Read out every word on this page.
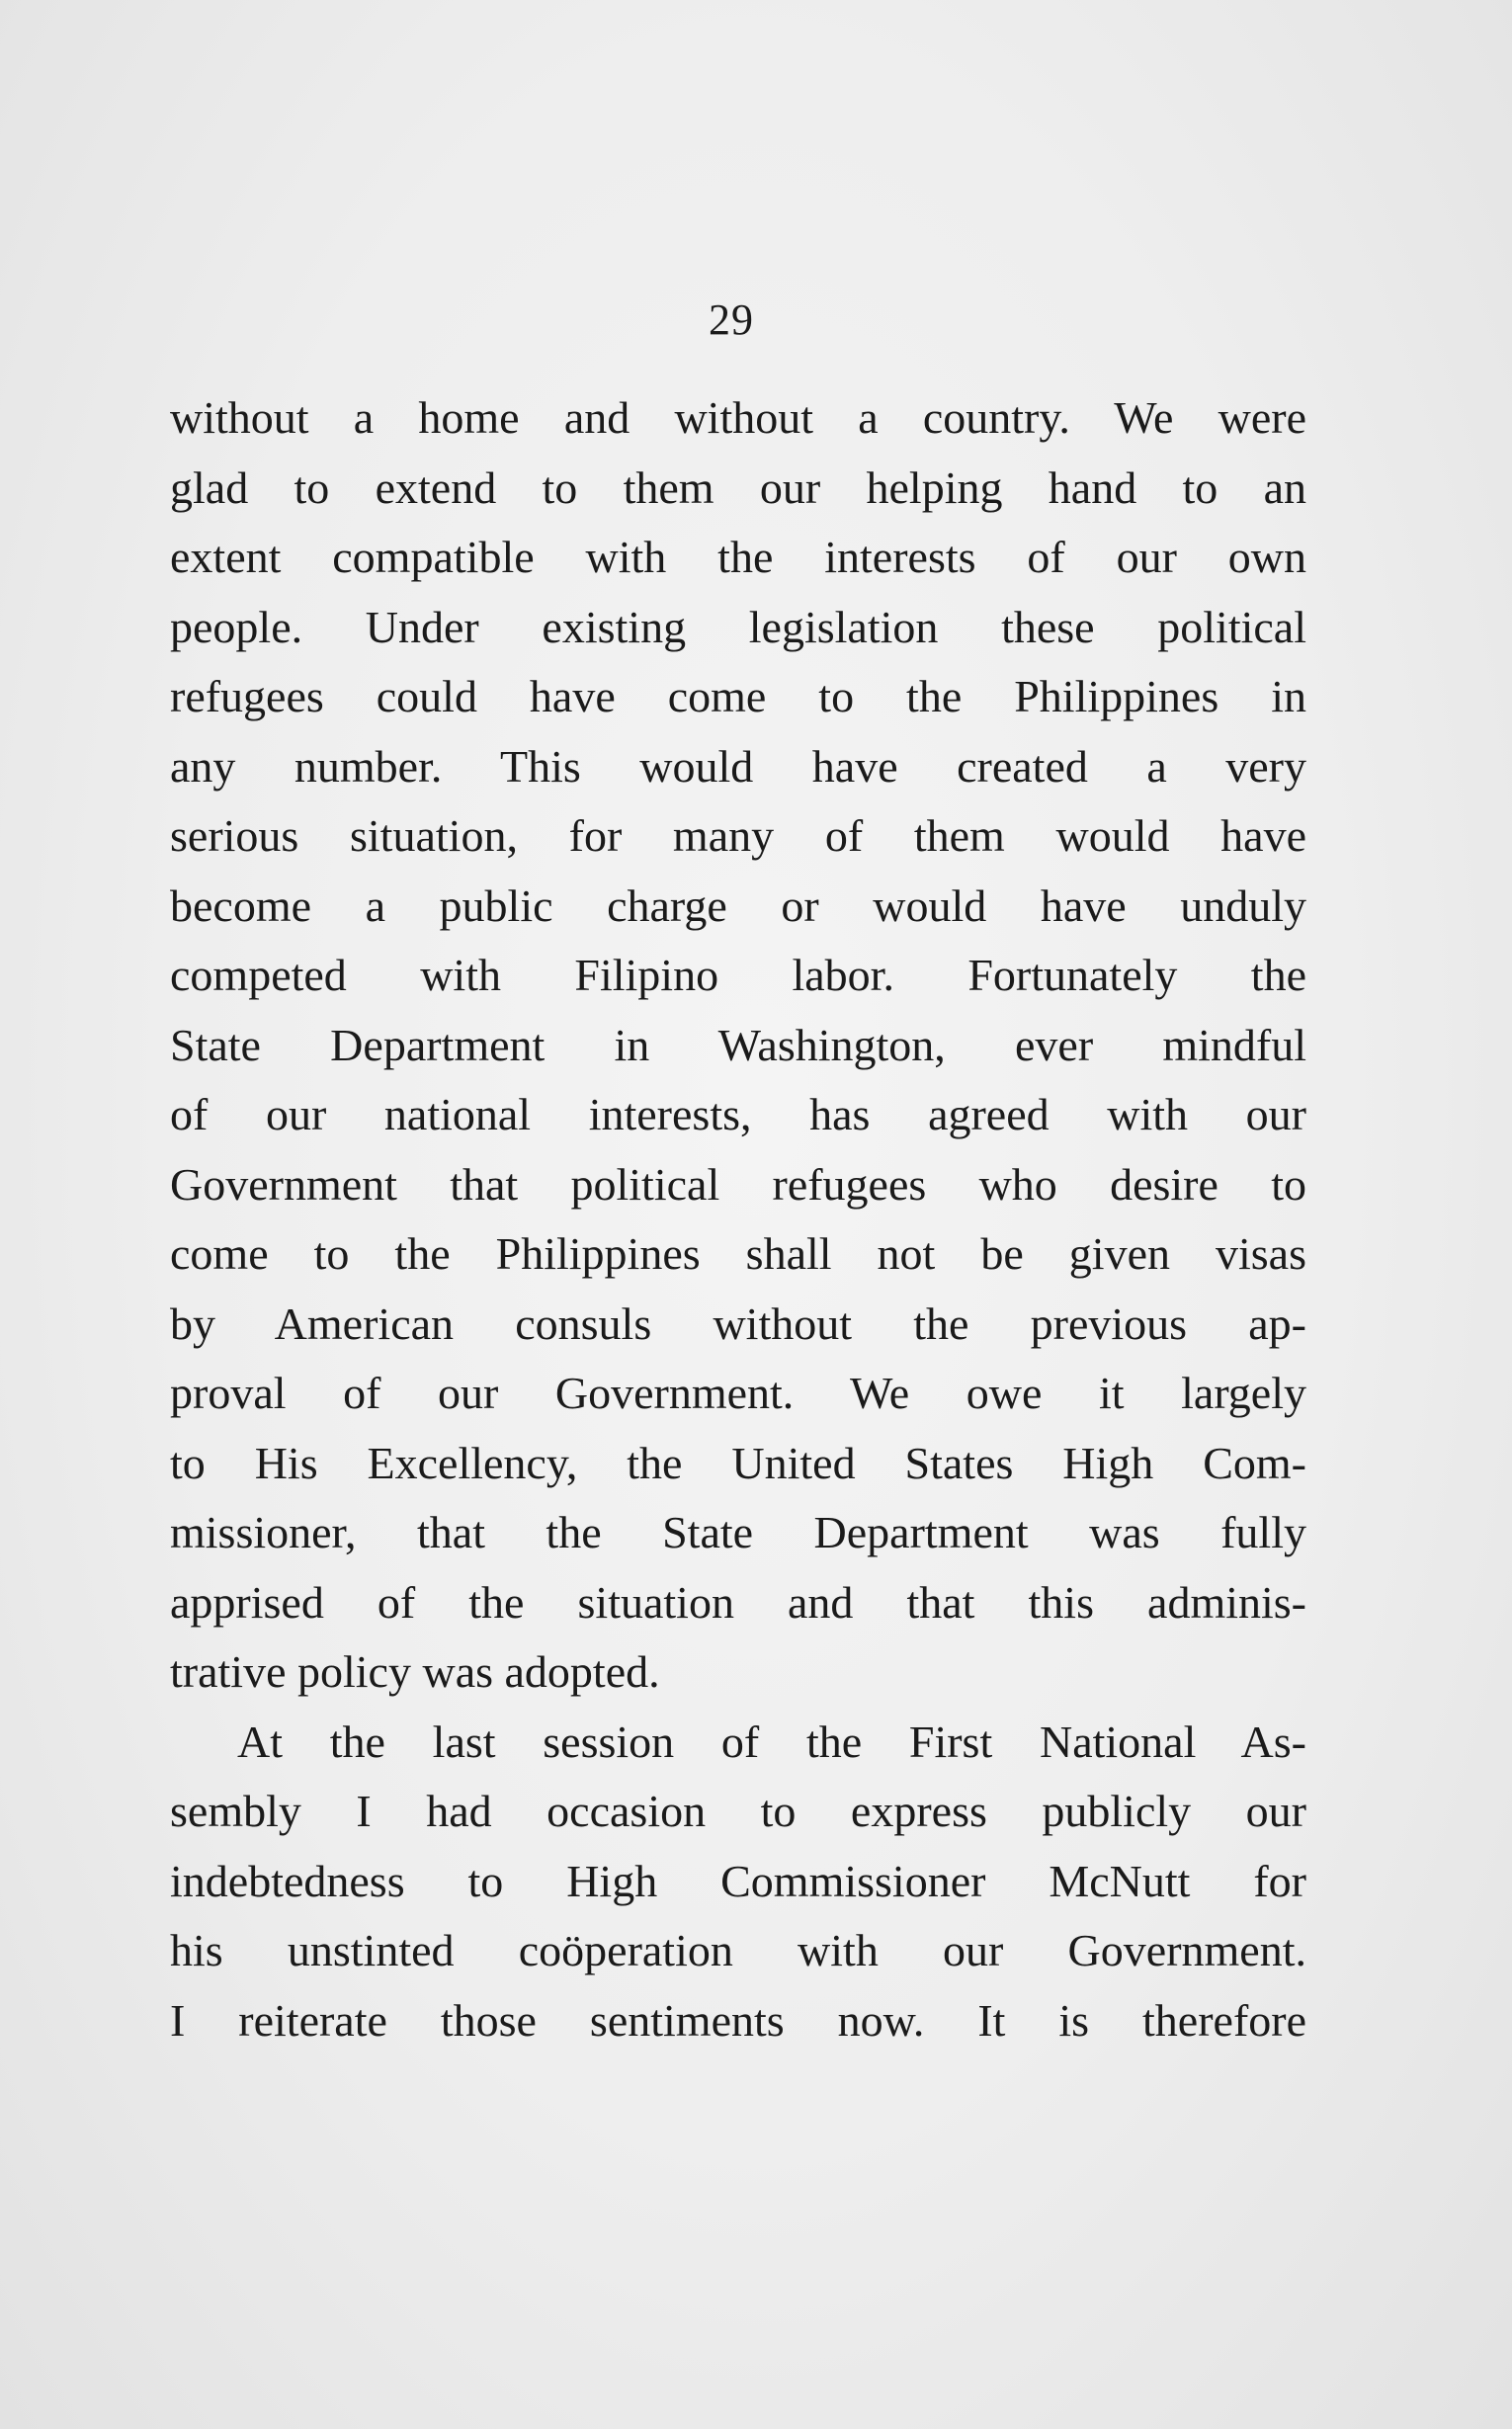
29
without a home and without a country. We were
glad to extend to them our helping hand to an
extent compatible with the interests of our own
people. Under existing legislation these political
refugees could have come to the Philippines in
any number. This would have created a very
serious situation, for many of them would have
become a public charge or would have unduly
competed with Filipino labor. Fortunately the
State Department in Washington, ever mindful
of our national interests, has agreed with our
Government that political refugees who desire to
come to the Philippines shall not be given visas
by American consuls without the previous ap-
proval of our Government. We owe it largely
to His Excellency, the United States High Com-
missioner, that the State Department was fully
apprised of the situation and that this adminis-
trative policy was adopted.
At the last session of the First National As-
sembly I had occasion to express publicly our
indebtedness to High Commissioner McNutt for
his unstinted coöperation with our Government.
I reiterate those sentiments now. It is therefore
